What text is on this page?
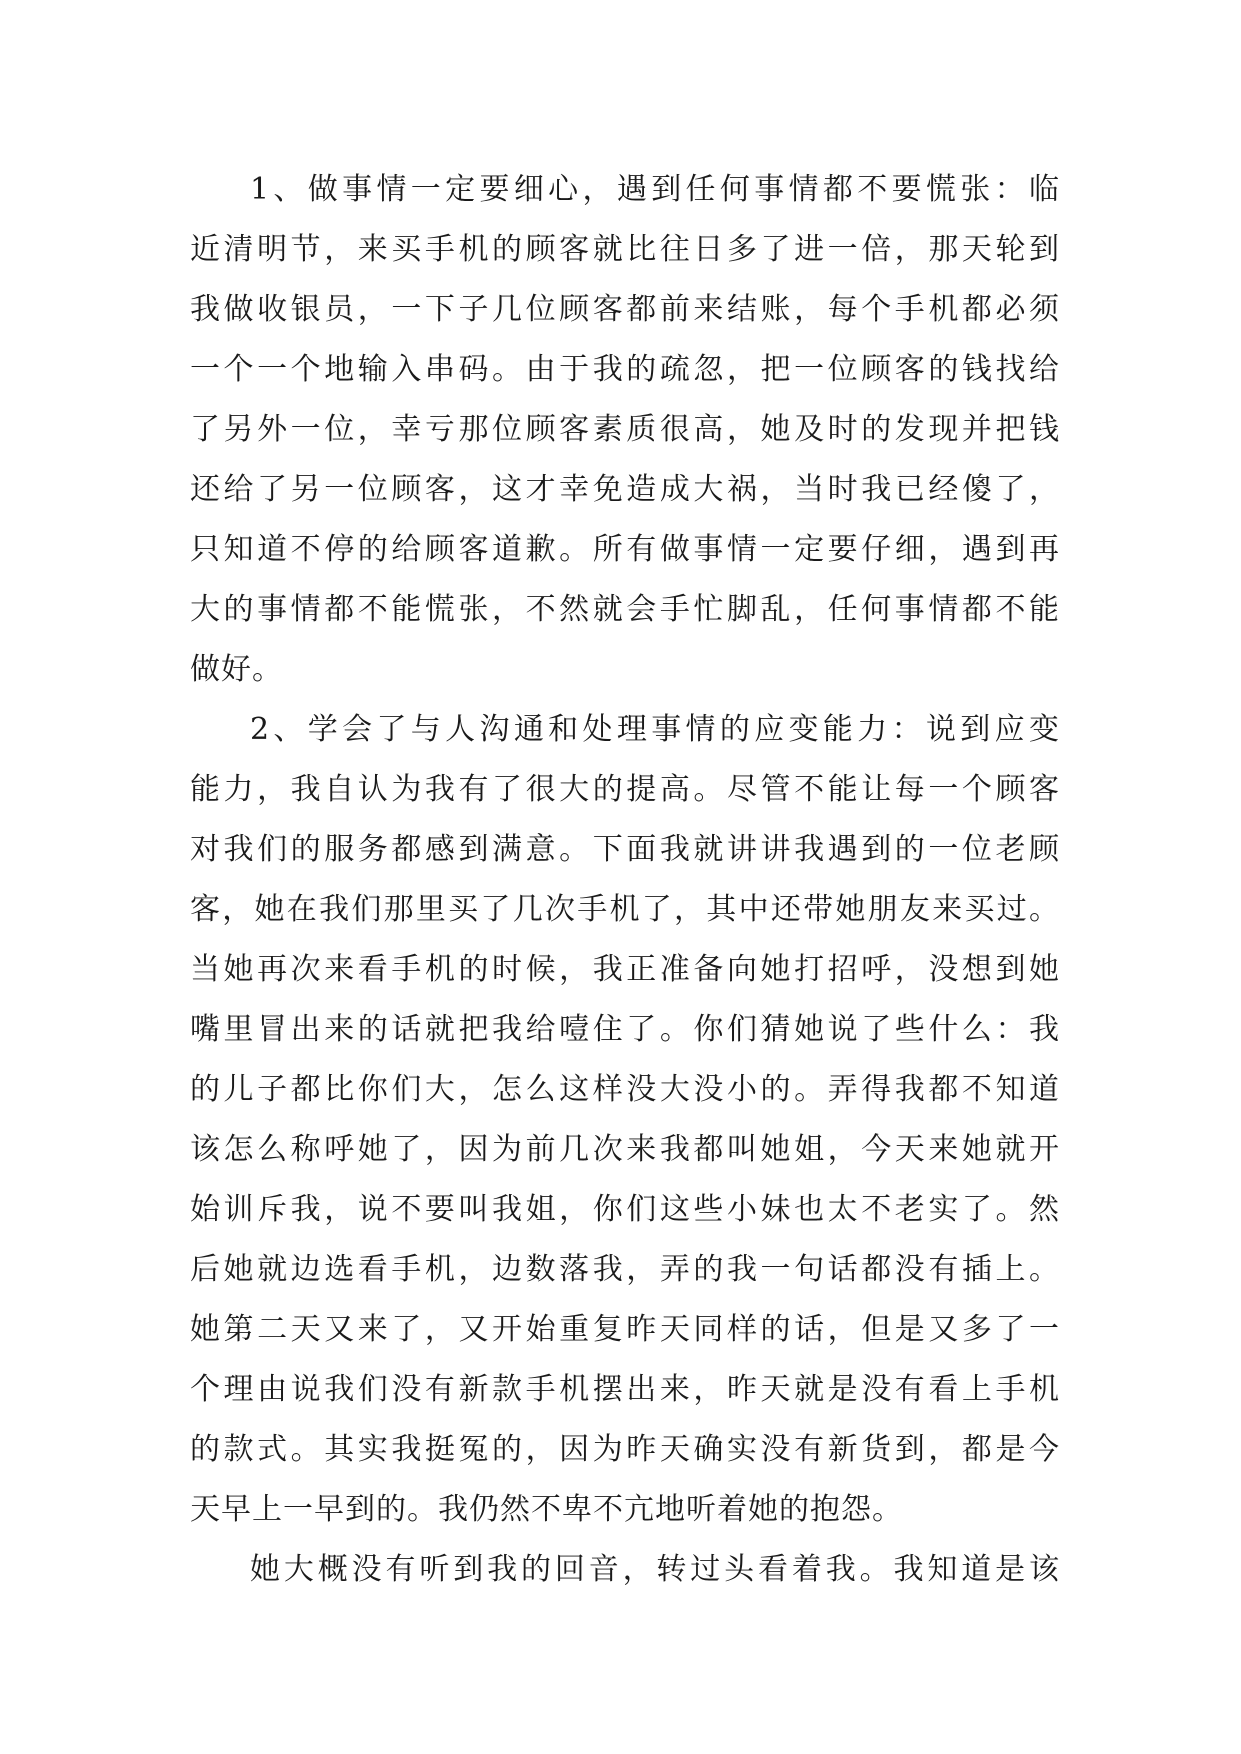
1、做事情一定要细心，遇到任何事情都不要慌张：临
近清明节，来买手机的顾客就比往日多了进一倍，那天轮到
我做收银员，一下子几位顾客都前来结账，每个手机都必须
一个一个地输入串码。由于我的疏忽，把一位顾客的钱找给
了另外一位，幸亏那位顾客素质很高，她及时的发现并把钱
还给了另一位顾客，这才幸免造成大祸，当时我已经傻了，
只知道不停的给顾客道歉。所有做事情一定要仔细，遇到再
大的事情都不能慌张，不然就会手忙脚乱，任何事情都不能
做好。
2、学会了与人沟通和处理事情的应变能力：说到应变
能力，我自认为我有了很大的提高。尽管不能让每一个顾客
对我们的服务都感到满意。下面我就讲讲我遇到的一位老顾
客，她在我们那里买了几次手机了，其中还带她朋友来买过。
当她再次来看手机的时候，我正准备向她打招呼，没想到她
嘴里冒出来的话就把我给噎住了。你们猜她说了些什么：我
的儿子都比你们大，怎么这样没大没小的。弄得我都不知道
该怎么称呼她了，因为前几次来我都叫她姐，今天来她就开
始训斥我，说不要叫我姐，你们这些小妹也太不老实了。然
后她就边选看手机，边数落我，弄的我一句话都没有插上。
她第二天又来了，又开始重复昨天同样的话，但是又多了一
个理由说我们没有新款手机摆出来，昨天就是没有看上手机
的款式。其实我挺冤的，因为昨天确实没有新货到，都是今
天早上一早到的。我仍然不卑不亢地听着她的抱怨。
她大概没有听到我的回音，转过头看着我。我知道是该
